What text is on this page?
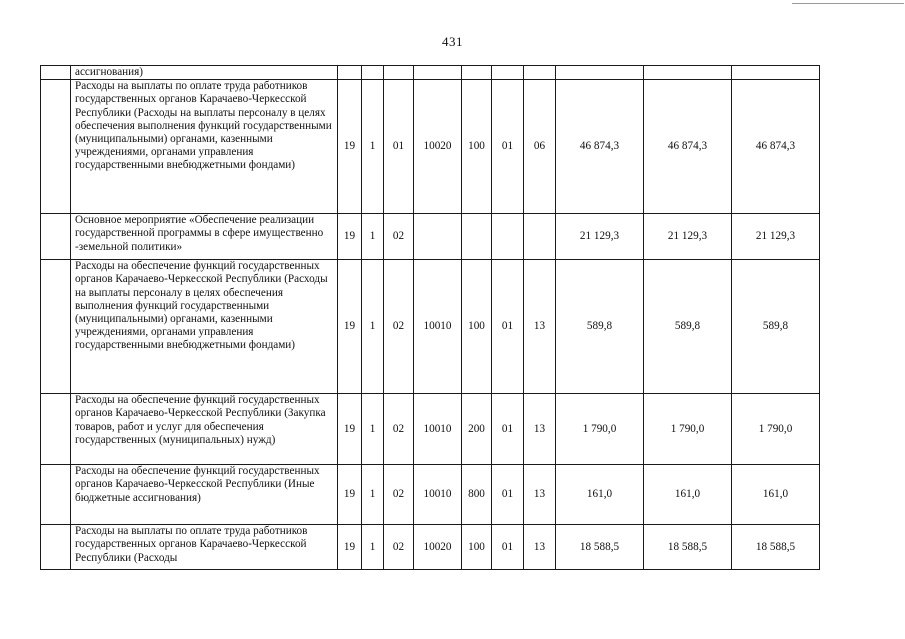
431
	ассигнования)										
	Расходы на выплаты по оплате труда работников государственных органов Карачаево-Черкесской Республики (Расходы на выплаты персоналу в целях обеспечения выполнения функций государственными (муниципальными) органами, казенными учреждениями, органами управления государственными внебюджетными фондами)	19	1	01	10020	100	01	06	46 874,3	46 874,3	46 874,3
	Основное мероприятие «Обеспечение реализации государственной программы в сфере имущественно -земельной политики»	19	1	02					21 129,3	21 129,3	21 129,3
	Расходы на обеспечение функций государственных органов Карачаево-Черкесской Республики (Расходы на выплаты персоналу в целях обеспечения выполнения функций государственными (муниципальными) органами, казенными учреждениями, органами управления государственными внебюджетными фондами)	19	1	02	10010	100	01	13	589,8	589,8	589,8
	Расходы на обеспечение функций государственных органов Карачаево-Черкесской Республики (Закупка товаров, работ и услуг для обеспечения государственных (муниципальных) нужд)	19	1	02	10010	200	01	13	1 790,0	1 790,0	1 790,0
	Расходы на обеспечение функций государственных органов Карачаево-Черкесской Республики (Иные бюджетные ассигнования)	19	1	02	10010	800	01	13	161,0	161,0	161,0
	Расходы на выплаты по оплате труда работников государственных органов Карачаево-Черкесской Республики (Расходы	19	1	02	10020	100	01	13	18 588,5	18 588,5	18 588,5
